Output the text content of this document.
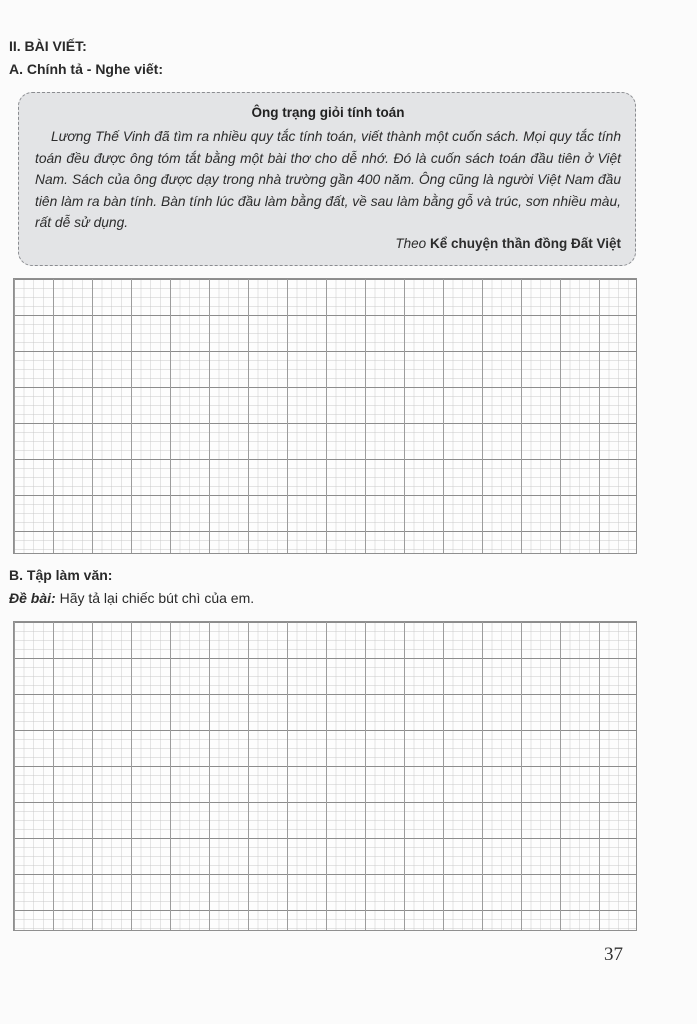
II. BÀI VIẾT:
A. Chính tả - Nghe viết:
Ông trạng giỏi tính toán

Lương Thế Vinh đã tìm ra nhiều quy tắc tính toán, viết thành một cuốn sách. Mọi quy tắc tính toán đều được ông tóm tắt bằng một bài thơ cho dễ nhớ. Đó là cuốn sách toán đầu tiên ở Việt Nam. Sách của ông được dạy trong nhà trường gần 400 năm. Ông cũng là người Việt Nam đầu tiên làm ra bàn tính. Bàn tính lúc đầu làm bằng đất, về sau làm bằng gỗ và trúc, sơn nhiều màu, rất dễ sử dụng.

Theo Kể chuyện thần đồng Đất Việt
B. Tập làm văn:
Đề bài: Hãy tả lại chiếc bút chì của em.
37
